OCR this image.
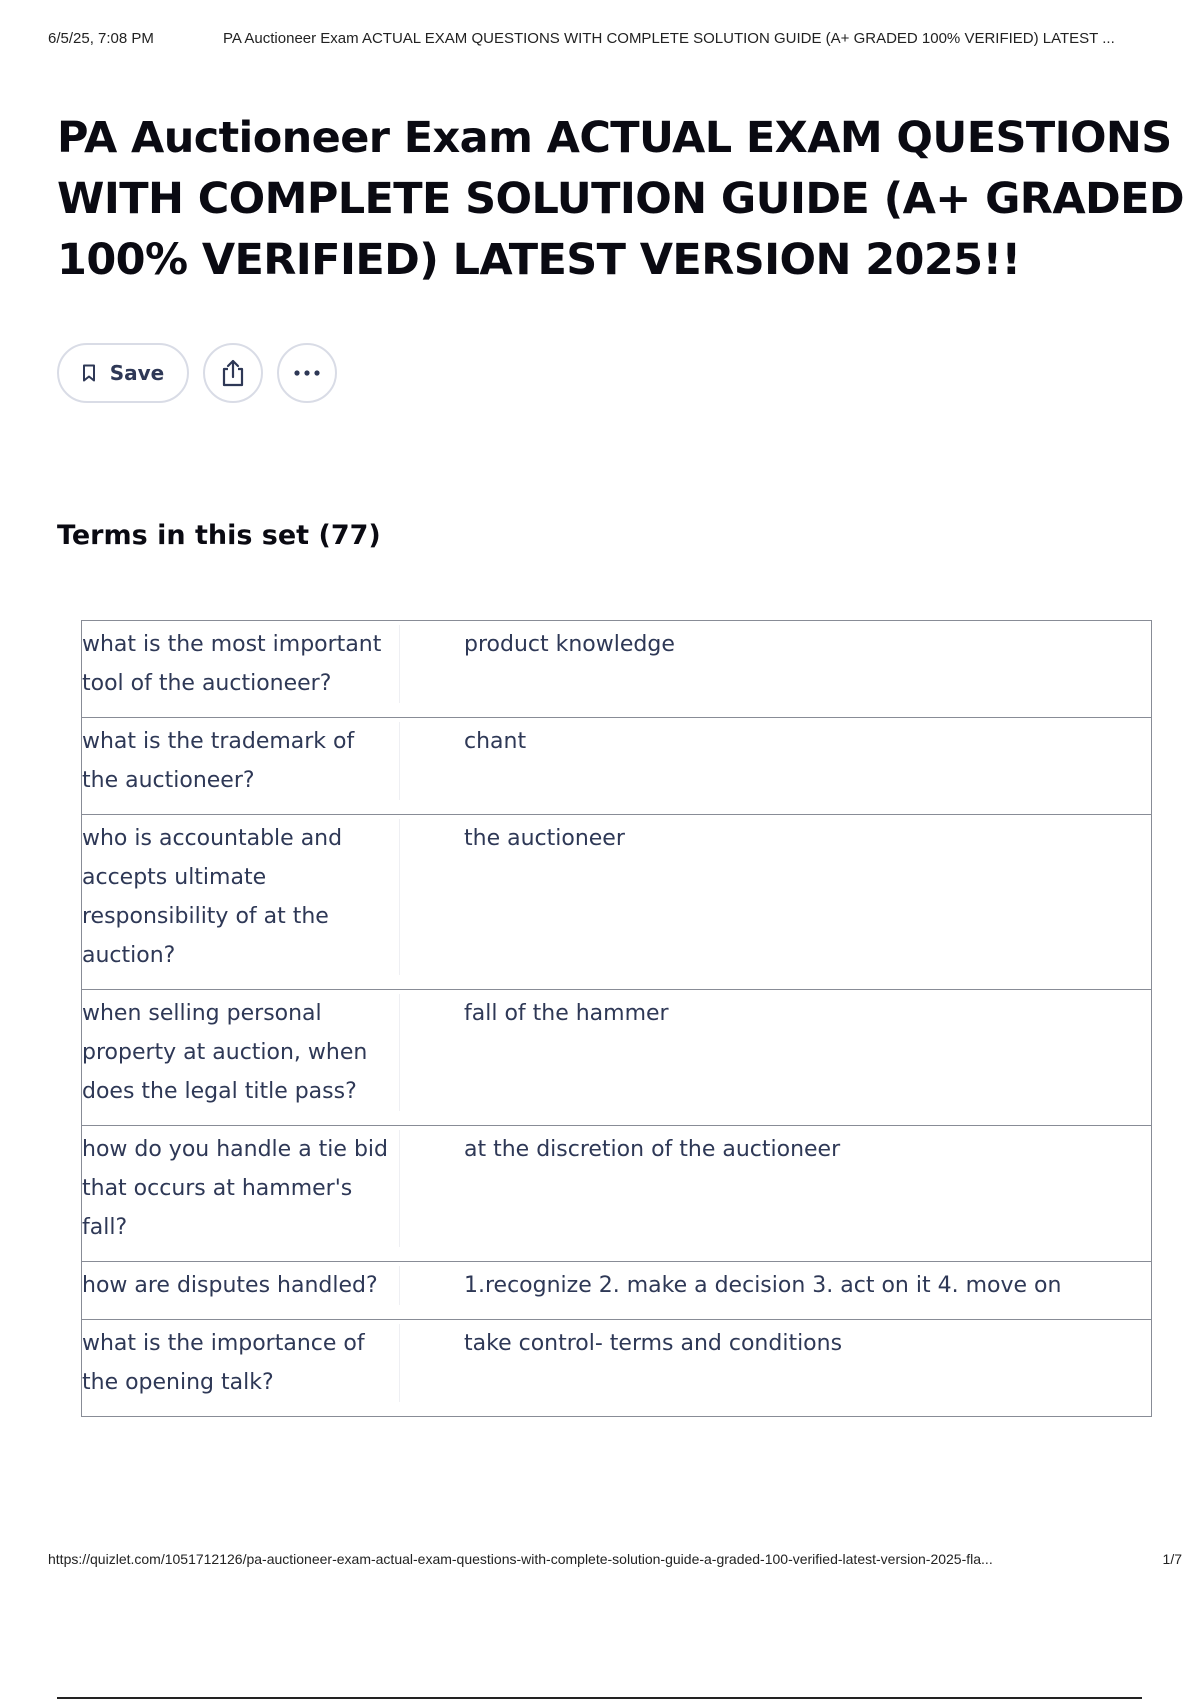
6/5/25, 7:08 PM	PA Auctioneer Exam ACTUAL EXAM QUESTIONS WITH COMPLETE SOLUTION GUIDE (A+ GRADED 100% VERIFIED) LATEST ...
PA Auctioneer Exam ACTUAL EXAM QUESTIONS WITH COMPLETE SOLUTION GUIDE (A+ GRADED 100% VERIFIED) LATEST VERSION 2025!!
Save
Terms in this set (77)
what is the most important tool of the auctioneer?	product knowledge

what is the trademark of the auctioneer?	chant

who is accountable and accepts ultimate responsibility of at the auction?	the auctioneer

when selling personal property at auction, when does the legal title pass?	fall of the hammer

how do you handle a tie bid that occurs at hammer's fall?	at the discretion of the auctioneer

how are disputes handled?	1.recognize 2. make a decision 3. act on it 4. move on

what is the importance of the opening talk?	take control- terms and conditions
https://quizlet.com/1051712126/pa-auctioneer-exam-actual-exam-questions-with-complete-solution-guide-a-graded-100-verified-latest-version-2025-fla...	1/7
